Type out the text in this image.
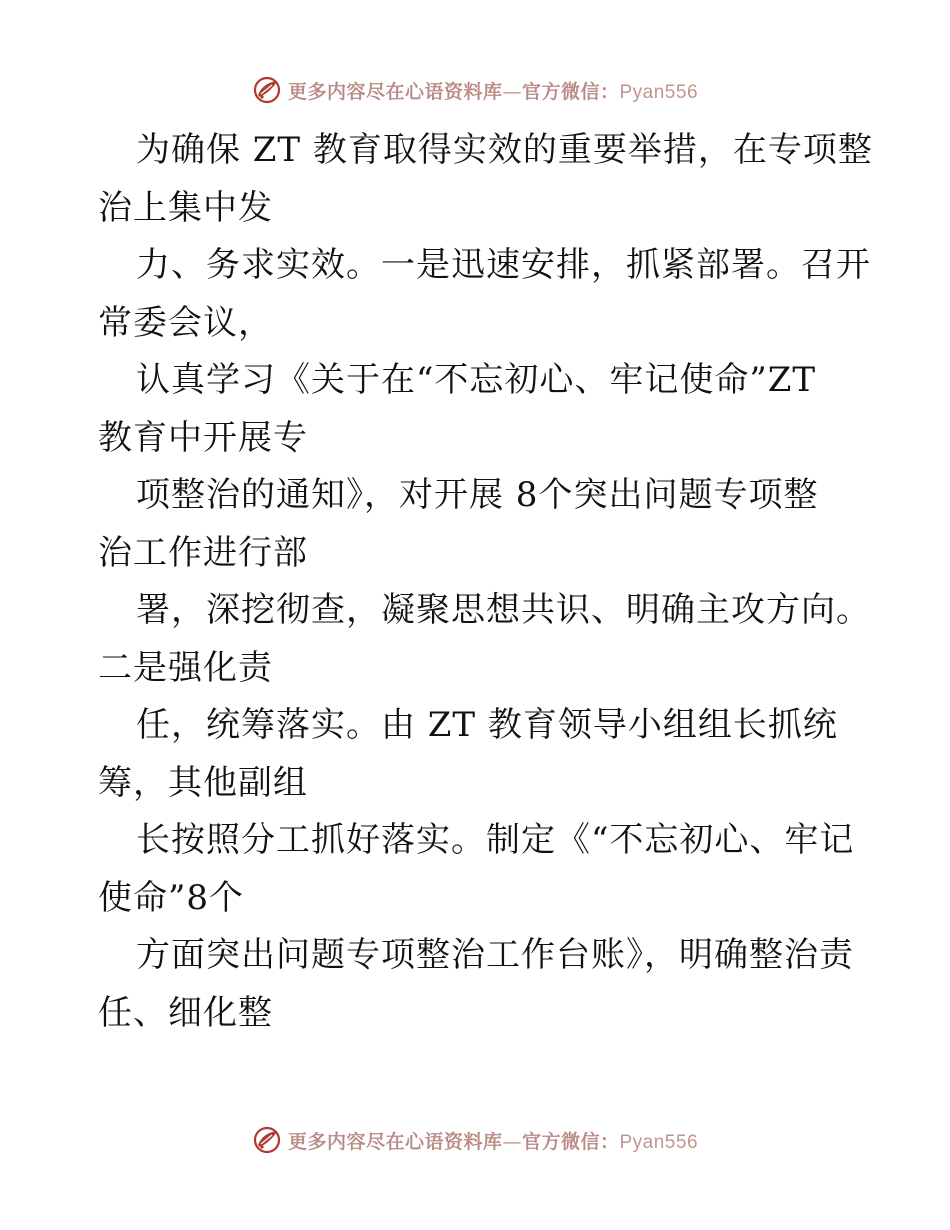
更多内容尽在心语资料库—官方微信：Pyan556
为确保 ZT 教育取得实效的重要举措，在专项整
治上集中发
力、务求实效。一是迅速安排，抓紧部署。召开
常委会议，
认真学习《关于在“不忘初心、牢记使命”ZT
教育中开展专
项整治的通知》，对开展 8个突出问题专项整
治工作进行部
署，深挖彻查，凝聚思想共识、明确主攻方向。
二是强化责
任，统筹落实。由 ZT 教育领导小组组长抓统
筹，其他副组
长按照分工抓好落实。制定《“不忘初心、牢记
使命”8个
方面突出问题专项整治工作台账》，明确整治责
任、细化整
更多内容尽在心语资料库—官方微信：Pyan556
